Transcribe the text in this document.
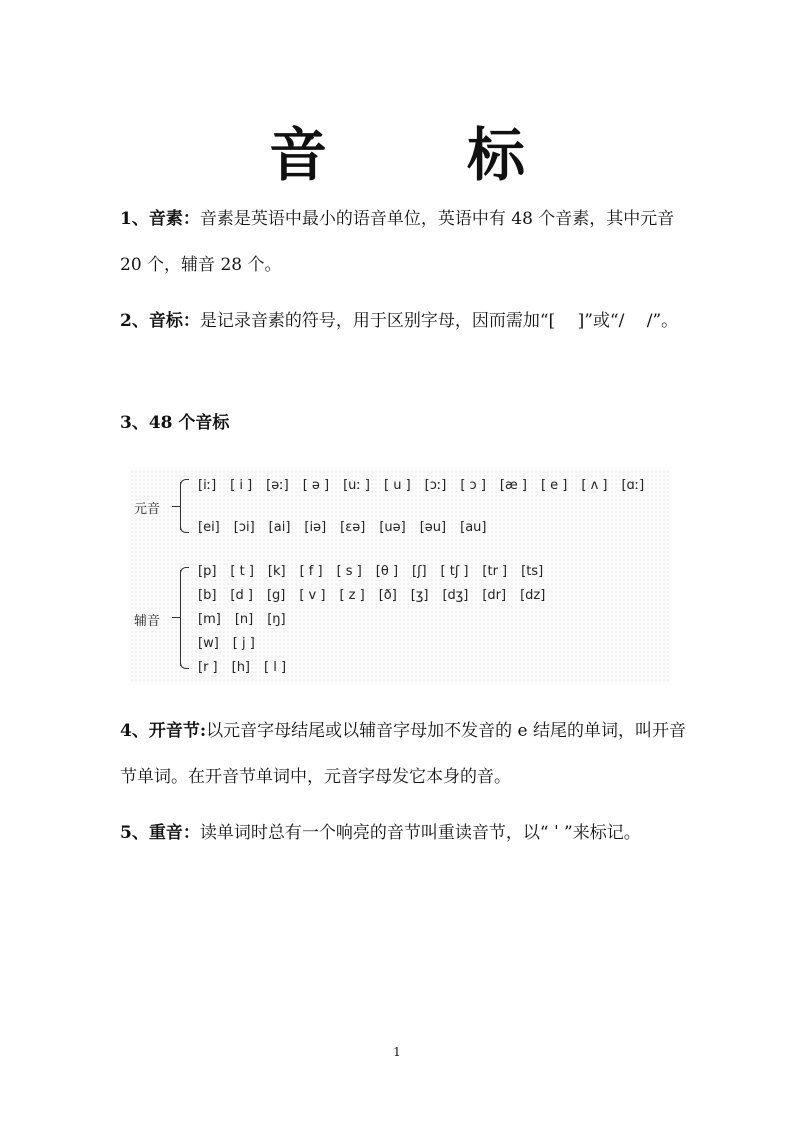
音 标
1、音素：音素是英语中最小的语音单位，英语中有 48 个音素，其中元音 20 个，辅音 28 个。
2、音标：是记录音素的符号，用于区别字母，因而需加“[　 ]”或“/　 /”。
3、48 个音标
元音
[iː] [ i ] [əː] [ ə ] [uː ] [ u ] [ɔː] [ ɔ ] [æ ] [ e ] [ ʌ ] [ɑː]
[ei] [ɔi] [ai] [iə] [ɛə] [uə] [əu] [au]
辅音
[p] [ t ] [k] [ f ] [ s ] [θ ] [ʃ] [ tʃ ] [tr ] [ts]
[b] [d ] [g] [ v ] [ z ] [ð] [ʒ] [dʒ] [dr] [dz]
[m] [n] [ŋ]
[w] [ j ]
[r ] [h] [ l ]
4、开音节:以元音字母结尾或以辅音字母加不发音的 e 结尾的单词，叫开音节单词。在开音节单词中，元音字母发它本身的音。
5、重音：读单词时总有一个响亮的音节叫重读音节，以“ ˈ ”来标记。
1
